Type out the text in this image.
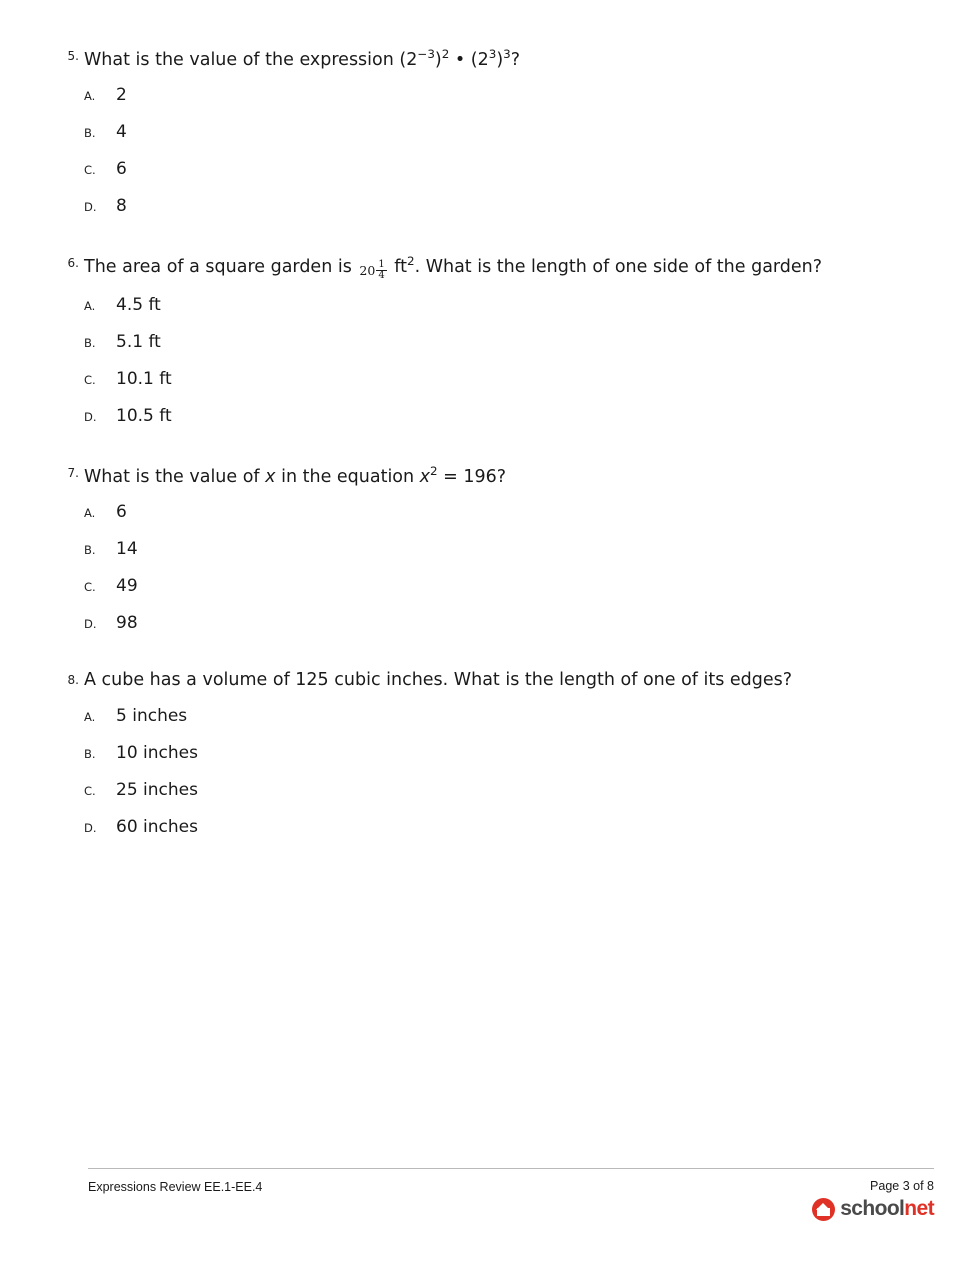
5. What is the value of the expression $(2^{-3})^2$ • $(2^3)^3$?
A. 2
B. 4
C. 6
D. 8
6. The area of a square garden is $20 \frac{1}{4} ft^2$. What is the length of one side of the garden?
A. 4.5 ft
B. 5.1 ft
C. 10.1 ft
D. 10.5 ft
7. What is the value of x in the equation $x^2 = 196$?
A. 6
B. 14
C. 49
D. 98
8. A cube has a volume of 125 cubic inches. What is the length of one of its edges?
A. 5 inches
B. 10 inches
C. 25 inches
D. 60 inches
Expressions Review EE.1-EE.4	Page 3 of 8
schoolnet
